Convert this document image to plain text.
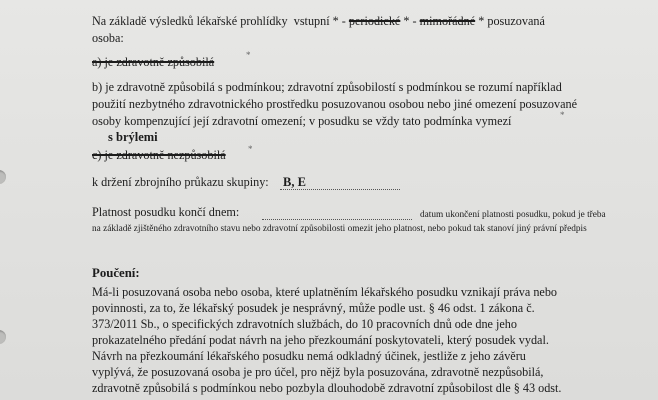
Na základě výsledků lékařské prohlídky vstupní * - periodické * - mimořádné * posuzovaná
osoba:
a) je zdravotně způsobilá	*
b) je zdravotně způsobilá s podmínkou; zdravotní způsobilostí s podmínkou se rozumí například
použití nezbytného zdravotnického prostředku posuzovanou osobou nebo jiné omezení posuzované
osoby kompenzující její zdravotní omezení; v posudku se vždy tato podmínka vymezí	*
s brýlemi
c) je zdravotně nezpůsobilá *
k držení zbrojního průkazu skupiny: B, E
Platnost posudku končí dnem:	datum ukončení platnosti posudku, pokud je třeba
na základě zjištěného zdravotního stavu nebo zdravotní způsobilosti omezit jeho platnost, nebo pokud tak stanoví jiný právní předpis
Poučení:
Má-li posuzovaná osoba nebo osoba, které uplatněním lékařského posudku vznikají práva nebo
povinnosti, za to, že lékařský posudek je nesprávný, může podle ust. § 46 odst. 1 zákona č.
373/2011 Sb., o specifických zdravotních službách, do 10 pracovních dnů ode dne jeho
prokazatelného předání podat návrh na jeho přezkoumání poskytovateli, který posudek vydal.
Návrh na přezkoumání lékařského posudku nemá odkladný účinek, jestliže z jeho závěru
vyplývá, že posuzovaná osoba je pro účel, pro nějž byla posuzována, zdravotně nezpůsobilá,
zdravotně způsobilá s podmínkou nebo pozbyla dlouhodobě zdravotní způsobilost dle § 43 odst.
